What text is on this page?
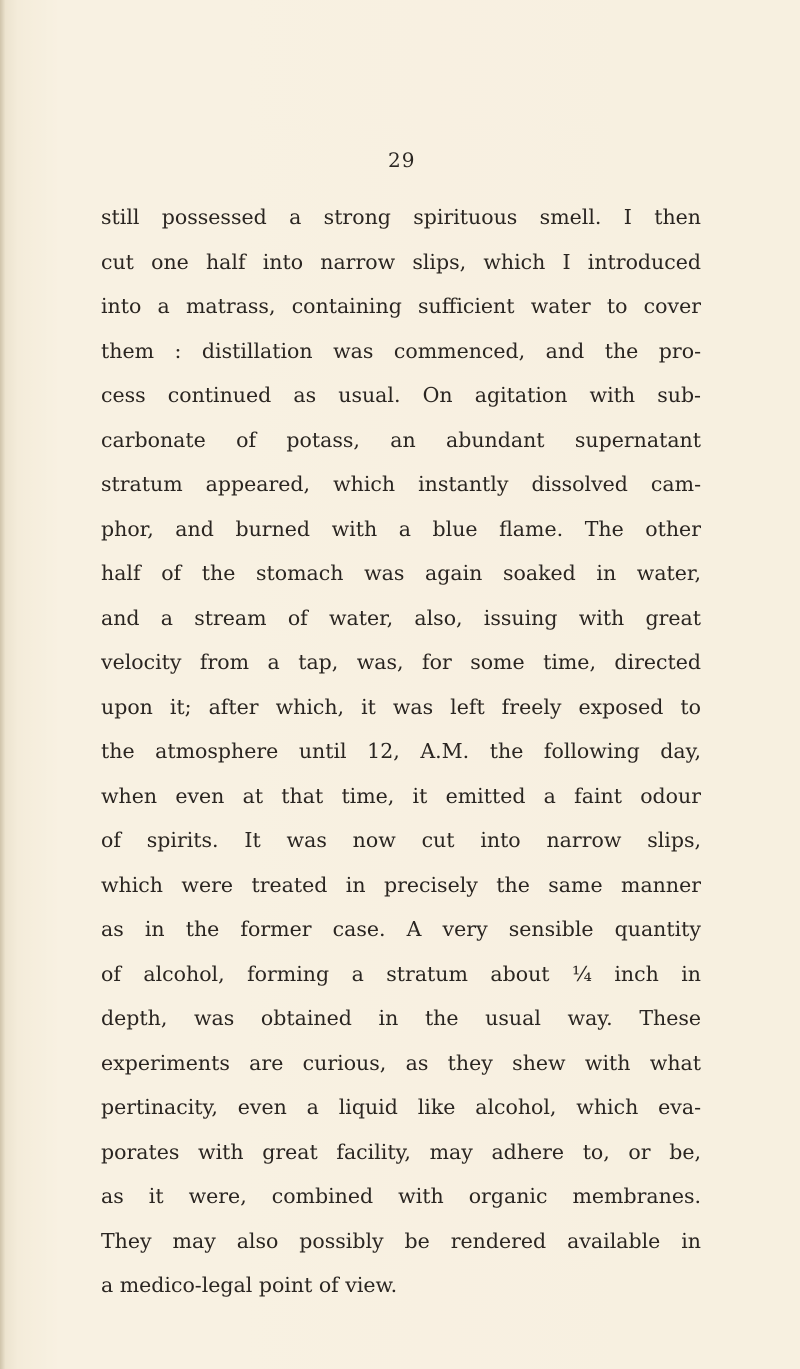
29
still possessed a strong spirituous smell. I then
cut one half into narrow slips, which I introduced
into a matrass, containing sufficient water to cover
them : distillation was commenced, and the pro-
cess continued as usual. On agitation with sub-
carbonate of potass, an abundant supernatant
stratum appeared, which instantly dissolved cam-
phor, and burned with a blue flame. The other
half of the stomach was again soaked in water,
and a stream of water, also, issuing with great
velocity from a tap, was, for some time, directed
upon it; after which, it was left freely exposed to
the atmosphere until 12, A.M. the following day,
when even at that time, it emitted a faint odour
of spirits. It was now cut into narrow slips,
which were treated in precisely the same manner
as in the former case. A very sensible quantity
of alcohol, forming a stratum about ¼ inch in
depth, was obtained in the usual way. These
experiments are curious, as they shew with what
pertinacity, even a liquid like alcohol, which eva-
porates with great facility, may adhere to, or be,
as it were, combined with organic membranes.
They may also possibly be rendered available in
a medico-legal point of view.
